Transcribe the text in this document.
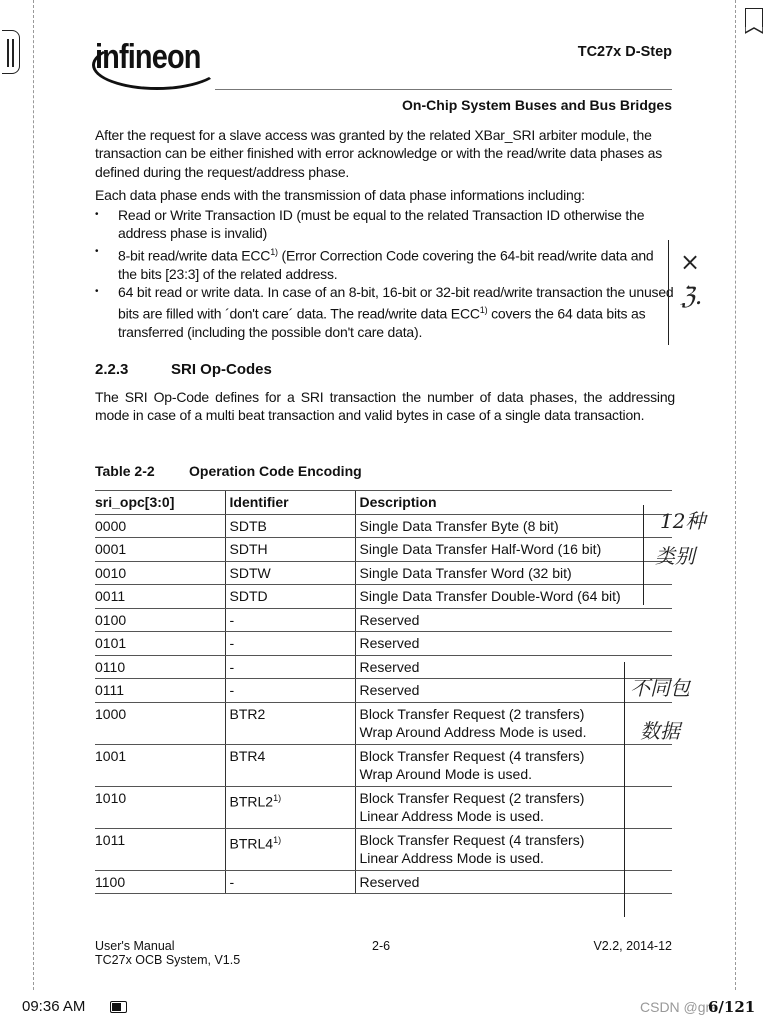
infineon	TC27x D-Step
On-Chip System Buses and Bus Bridges

After the request for a slave access was granted by the related XBar_SRI arbiter module, the transaction can be either finished with error acknowledge or with the read/write data phases as defined during the request/address phase.

Each data phase ends with the transmission of data phase informations including:

• Read or Write Transaction ID (must be equal to the related Transaction ID otherwise the address phase is invalid)

• 8-bit read/write data ECC$^{1)}$ (Error Correction Code covering the 64-bit read/write data and the bits [23:3] of the related address.

• 64 bit read or write data. In case of an 8-bit, 16-bit or 32-bit read/write transaction the unused bits are filled with ´don't care´ data. The read/write data ECC$^{1)}$ covers the 64 data bits as transferred (including the possible don't care data).

2.2.3	SRI Op-Codes

The SRI Op-Code defines for a SRI transaction the number of data phases, the addressing mode in case of a multi beat transaction and valid bytes in case of a single data transaction.

Table 2-2 Operation Code Encoding
sri_opc[3:0]	Identifier	Description
0000	SDTB	Single Data Transfer Byte (8 bit)

0001	SDTH	Single Data Transfer Half-Word (16 bit)

0010	SDTW	Single Data Transfer Word (32 bit)

0011	SDTD	Single Data Transfer Double-Word (64 bit)

0100	-	Reserved

0101	-	Reserved

0110	-	Reserved

0111	-	Reserved

1000	BTR2	Block Transfer Request (2 transfers)
Wrap Around Address Mode is used.

1001	BTR4	Block Transfer Request (4 transfers)
Wrap Around Mode is used.

1010	BTRL2$^{1)}$	Block Transfer Request (2 transfers)
Linear Address Mode is used.

1011	BTRL4$^{1)}$	Block Transfer Request (4 transfers)
Linear Address Mode is used.

1100	-	Reserved
×
ℨ.
12种
类别
不同包
数据
User's Manual
TC27x OCB System, V1.5
2-6	V2.2, 2014-12
09:36 AM	CSDN @gre
6/121
